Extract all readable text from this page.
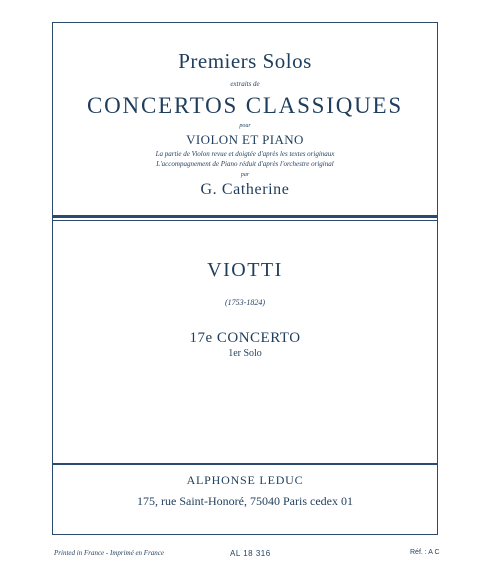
Premiers Solos
extraits de
CONCERTOS CLASSIQUES
pour
VIOLON ET PIANO
La partie de Violon revue et doigtée d'après les textes originaux
L'accompagnement de Piano réduit d'après l'orchestre original
par
G. Catherine
VIOTTI
(1753-1824)
17e CONCERTO
1er Solo
ALPHONSE LEDUC
175, rue Saint-Honoré, 75040 Paris cedex 01
Printed in France - Imprimé en France	AL 18 316	Réf. : A C
